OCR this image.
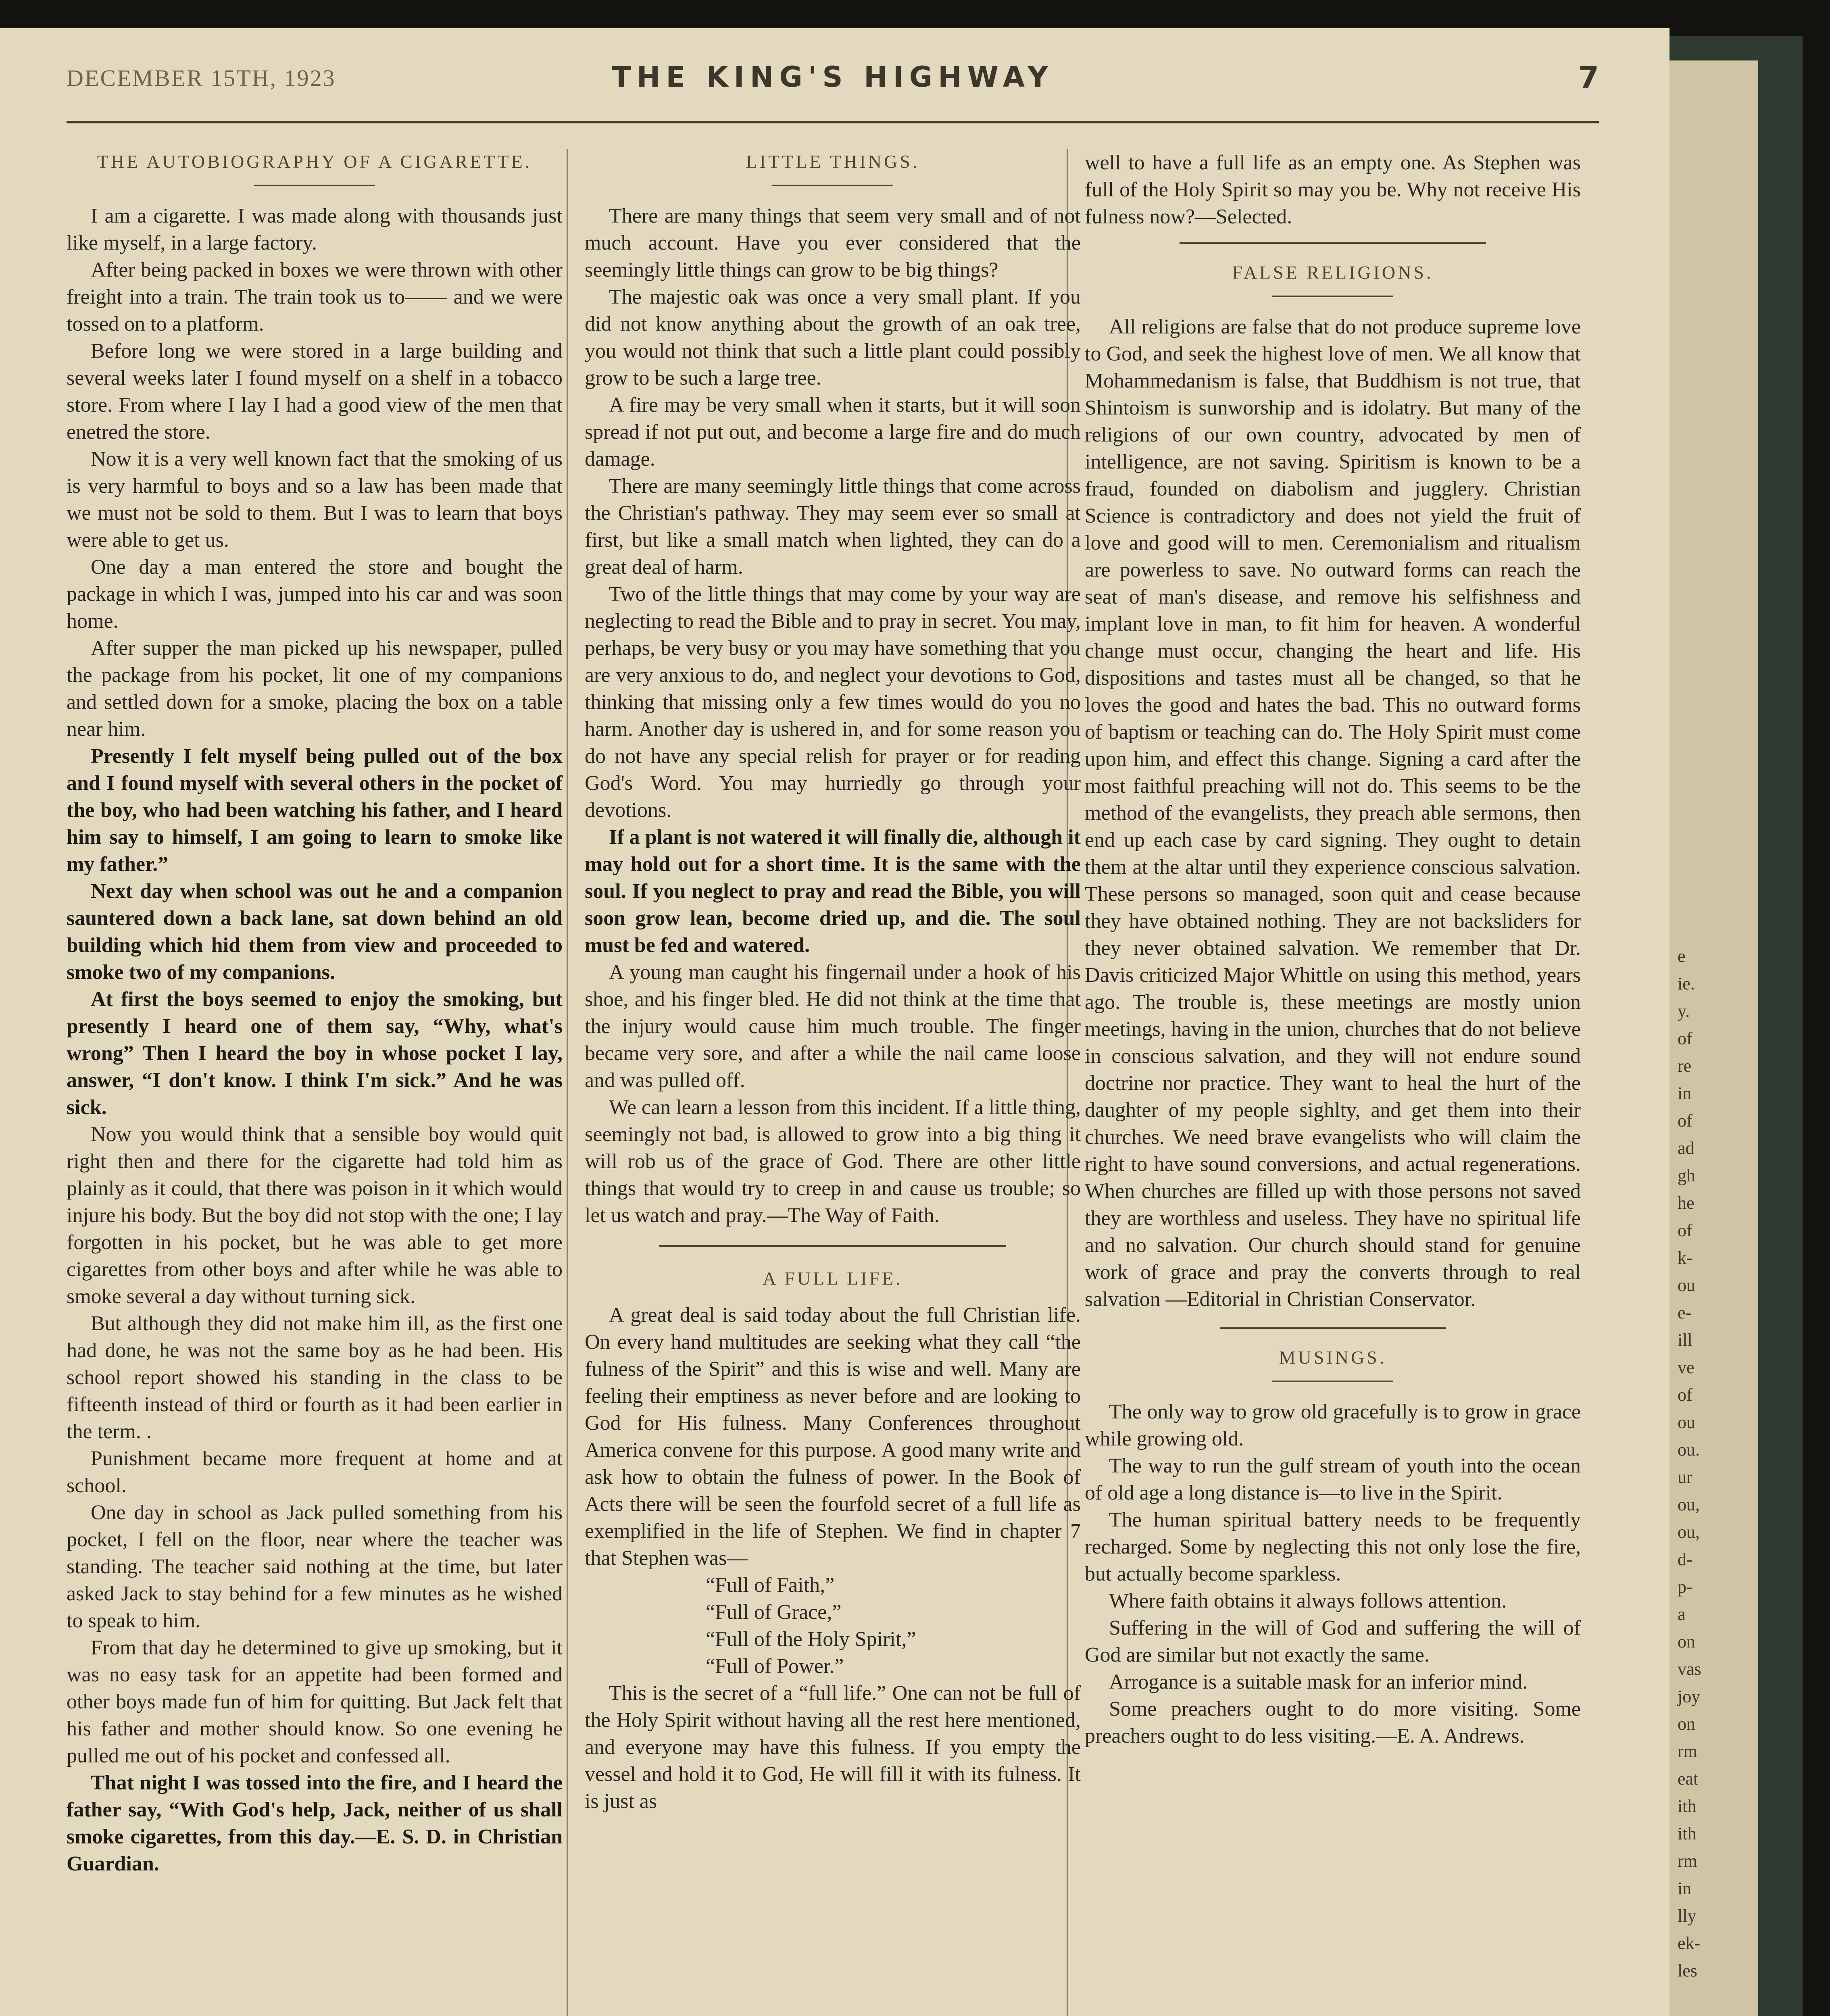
DECEMBER 15TH, 1923	THE KING'S HIGHWAY	7
THE AUTOBIOGRAPHY OF A CIGARETTE.

I am a cigarette. I was made along with thousands just like myself, in a large factory.

After being packed in boxes we were thrown with other freight into a train. The train took us to—— and we were tossed on to a platform.

Before long we were stored in a large building and several weeks later I found myself on a shelf in a tobacco store. From where I lay I had a good view of the men that enetred the store.

Now it is a very well known fact that the smoking of us is very harmful to boys and so a law has been made that we must not be sold to them. But I was to learn that boys were able to get us.

One day a man entered the store and bought the package in which I was, jumped into his car and was soon home.

After supper the man picked up his newspaper, pulled the package from his pocket, lit one of my companions and settled down for a smoke, placing the box on a table near him.

Presently I felt myself being pulled out of the box and I found myself with several others in the pocket of the boy, who had been watching his father, and I heard him say to himself, I am going to learn to smoke like my father.”

Next day when school was out he and a companion sauntered down a back lane, sat down behind an old building which hid them from view and proceeded to smoke two of my companions.

At first the boys seemed to enjoy the smoking, but presently I heard one of them say, “Why, what's wrong” Then I heard the boy in whose pocket I lay, answer, “I don't know. I think I'm sick.” And he was sick.

Now you would think that a sensible boy would quit right then and there for the cigarette had told him as plainly as it could, that there was poison in it which would injure his body. But the boy did not stop with the one; I lay forgotten in his pocket, but he was able to get more cigarettes from other boys and after while he was able to smoke several a day without turning sick.

But although they did not make him ill, as the first one had done, he was not the same boy as he had been. His school report showed his standing in the class to be fifteenth instead of third or fourth as it had been earlier in the term. .

Punishment became more frequent at home and at school.

One day in school as Jack pulled something from his pocket, I fell on the floor, near where the teacher was standing. The teacher said nothing at the time, but later asked Jack to stay behind for a few minutes as he wished to speak to him.

From that day he determined to give up smoking, but it was no easy task for an appetite had been formed and other boys made fun of him for quitting. But Jack felt that his father and mother should know. So one evening he pulled me out of his pocket and confessed all.

That night I was tossed into the fire, and I heard the father say, “With God's help, Jack, neither of us shall smoke cigarettes, from this day.—E. S. D. in Christian Guardian.

LITTLE THINGS.

There are many things that seem very small and of not much account. Have you ever considered that the seemingly little things can grow to be big things?

The majestic oak was once a very small plant. If you did not know anything about the growth of an oak tree, you would not think that such a little plant could possibly grow to be such a large tree.

A fire may be very small when it starts, but it will soon spread if not put out, and become a large fire and do much damage.

There are many seemingly little things that come across the Christian's pathway. They may seem ever so small at first, but like a small match when lighted, they can do a great deal of harm.

Two of the little things that may come by your way are neglecting to read the Bible and to pray in secret. You may, perhaps, be very busy or you may have something that you are very anxious to do, and neglect your devotions to God, thinking that missing only a few times would do you no harm. Another day is ushered in, and for some reason you do not have any special relish for prayer or for reading God's Word. You may hurriedly go through your devotions.

If a plant is not watered it will finally die, although it may hold out for a short time. It is the same with the soul. If you neglect to pray and read the Bible, you will soon grow lean, become dried up, and die. The soul must be fed and watered.

A young man caught his fingernail under a hook of his shoe, and his finger bled. He did not think at the time that the injury would cause him much trouble. The finger became very sore, and after a while the nail came loose and was pulled off.

We can learn a lesson from this incident. If a little thing, seemingly not bad, is allowed to grow into a big thing it will rob us of the grace of God. There are other little things that would try to creep in and cause us trouble; so let us watch and pray.—The Way of Faith.

A FULL LIFE.

A great deal is said today about the full Christian life. On every hand multitudes are seeking what they call “the fulness of the Spirit” and this is wise and well. Many are feeling their emptiness as never before and are looking to God for His fulness. Many Conferences throughout America convene for this purpose. A good many write and ask how to obtain the fulness of power. In the Book of Acts there will be seen the fourfold secret of a full life as exemplified in the life of Stephen. We find in chapter 7 that Stephen was—

“Full of Faith,”

“Full of Grace,”

“Full of the Holy Spirit,”

“Full of Power.”

This is the secret of a “full life.” One can not be full of the Holy Spirit without having all the rest here mentioned, and everyone may have this fulness. If you empty the vessel and hold it to God, He will fill it with its fulness. It is just as

well to have a full life as an empty one. As Stephen was full of the Holy Spirit so may you be. Why not receive His fulness now?—Selected.

FALSE RELIGIONS.

All religions are false that do not produce supreme love to God, and seek the highest love of men. We all know that Mohammedanism is false, that Buddhism is not true, that Shintoism is sunworship and is idolatry. But many of the religions of our own country, advocated by men of intelligence, are not saving. Spiritism is known to be a fraud, founded on diabolism and jugglery. Christian Science is contradictory and does not yield the fruit of love and good will to men. Ceremonialism and ritualism are powerless to save. No outward forms can reach the seat of man's disease, and remove his selfishness and implant love in man, to fit him for heaven. A wonderful change must occur, changing the heart and life. His dispositions and tastes must all be changed, so that he loves the good and hates the bad. This no outward forms of baptism or teaching can do. The Holy Spirit must come upon him, and effect this change. Signing a card after the most faithful preaching will not do. This seems to be the method of the evangelists, they preach able sermons, then end up each case by card signing. They ought to detain them at the altar until they experience conscious salvation. These persons so managed, soon quit and cease because they have obtained nothing. They are not backsliders for they never obtained salvation. We remember that Dr. Davis criticized Major Whittle on using this method, years ago. The trouble is, these meetings are mostly union meetings, having in the union, churches that do not believe in conscious salvation, and they will not endure sound doctrine nor practice. They want to heal the hurt of the daughter of my people sighlty, and get them into their churches. We need brave evangelists who will claim the right to have sound conversions, and actual regenerations. When churches are filled up with those persons not saved they are worthless and useless. They have no spiritual life and no salvation. Our church should stand for genuine work of grace and pray the converts through to real salvation —Editorial in Christian Conservator.

MUSINGS.

The only way to grow old gracefully is to grow in grace while growing old.

The way to run the gulf stream of youth into the ocean of old age a long distance is—to live in the Spirit.

The human spiritual battery needs to be frequently recharged. Some by neglecting this not only lose the fire, but actually become sparkless.

Where faith obtains it always follows attention.

Suffering in the will of God and suffering the will of God are similar but not exactly the same.

Arrogance is a suitable mask for an inferior mind.

Some preachers ought to do more visiting. Some preachers ought to do less visiting.—E. A. Andrews.

e
ie.
y.
of
re
in
of
ad
gh
he
of
k-
ou
e-
ill
ve
of
ou
ou.
ur
ou,
ou,
d-
p-
a
on
vas
joy
on
rm
eat
ith
ith
rm
in
lly
ek-
les
